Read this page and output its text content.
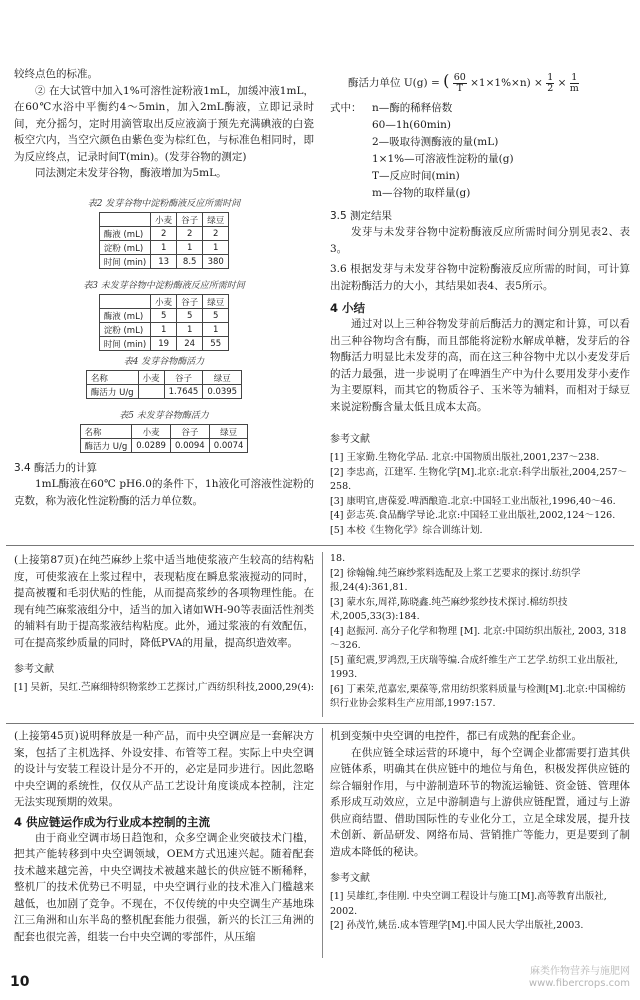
较终点色的标准。

② 在大试管中加入1%可溶性淀粉液1mL，加缓冲液1mL，在60℃水浴中平衡约4～5min，加入2mL酶液，立即记录时间，充分摇匀，定时用滴管取出反应液滴于预先充满碘液的白瓷板空穴内，当空穴颜色由紫色变为棕红色，与标准色相同时，即为反应终点，记录时间T(min)。(发芽谷物的测定)

同法测定未发芽谷物，酶液增加为5mL。

表2 发芽谷物中淀粉酶液反应所需时间
	小麦	谷子	绿豆
酶液 (mL)	2	2	2
淀粉 (mL)	1	1	1
时间 (min)	13	8.5	380
表3 未发芽谷物中淀粉酶液反应所需时间
	小麦	谷子	绿豆
酶液 (mL)	5	5	5
淀粉 (mL)	1	1	1
时间 (min)	19	24	55
表4 发芽谷物酶活力
名称	小麦	谷子	绿豆
酶活力 U/g		1.7645	0.0395
表5 未发芽谷物酶活力
名称	小麦	谷子	绿豆
酶活力 U/g	0.0289	0.0094	0.0074
3.4 酶活力的计算

1mL酶液在60℃ pH6.0的条件下，1h液化可溶液性淀粉的克数，称为液化性淀粉酶的活力单位数。

酶活力单位 U(g) = ( $\frac{60}{T} \times 1\times 1\%\times n) \times \frac{1}{2} \times \frac{1}{m}$
式中： n—酶的稀释倍数
60—1h(60min)
2—吸取待测酶液的量(mL)
1×1%—可溶液性淀粉的量(g)
T—反应时间(min)
m—谷物的取样量(g)
3.5 测定结果

发芽与未发芽谷物中淀粉酶液反应所需时间分别见表2、表3。

3.6 根据发芽与未发芽谷物中淀粉酶液反应所需的时间，可计算出淀粉酶活力的大小，其结果如表4、表5所示。

4 小结

通过对以上三种谷物发芽前后酶活力的测定和计算，可以看出三种谷物均含有酶，而且部能将淀粉水解成单糖，发芽后的谷物酶活力明显比未发芽的高，而在这三种谷物中尤以小麦发芽后的活力最强，进一步说明了在啤酒生产中为什么要用发芽小麦作为主要原料，而其它的物质谷子、玉米等为辅料，而相对于绿豆来说淀粉酶含量太低且成本太高。

参考文献

[1] 王家勤.生物化学品. 北京:中国物质出版社,2001,237～238.

[2] 李忠高，江建军. 生物化学[M].北京:北京:科学出版社,2004,257～258.

[3] 康明官,唐葆爱.啤酒酿造.北京:中国轻工业出版社,1996,40～46.

[4] 彭志英.食品酶学导论.北京:中国轻工业出版社,2002,124～126.

[5] 本校《生物化学》综合训练计划.

(上接第87页)在纯苎麻纱上浆中适当地使浆液产生较高的结构粘度，可使浆液在上浆过程中，表现粘度在瞬息浆液搅动的同时，提高被覆和毛羽伏贴的性能，从而提高浆纱的各项物理性能。在现有纯苎麻浆液组分中，适当的加入诸如WH-90等表面活性剂类的辅料有助于提高浆液结构粘度。此外，通过浆液的有效配伍，可在提高浆纱质量的同时，降低PVA的用量，提高织造效率。

参考文献

[1] 吴新，吴红.苎麻细特织物浆纱工艺探讨,广西纺织科技,2000,29(4):

18.

[2] 徐翰翰.纯苎麻纱浆料选配及上浆工艺要求的探讨.纺织学报,24(4):361,81.

[3] 蒙水东,周祥,陈晓鑫.纯苎麻纱浆纱技术探讨.棉纺织技术,2005,33(3):184.

[4] 赵振河. 高分子化学和物理 [M]. 北京:中国纺织出版社, 2003, 318～326.

[5] 董纪震,罗鸿烈,王庆瑞等编.合成纤维生产工艺学.纺织工业出版社, 1993.

[6] 丁素荣,范嘉宏,栗葆等,常用纺织浆料质量与检测[M].北京:中国棉纺织行业协会浆料生产应用部,1997:157.

(上接第45页)说明释放是一种产品，而中央空调应是一套解决方案，包括了主机选择、外设安排、布管等工程。实际上中央空调的设计与安装工程设计是分不开的，必定是同步进行。因此忽略中央空调的系统性，仅仅从产品工艺设计角度谈成本控制，注定无法实现预期的效果。

4 供应链运作成为行业成本控制的主流

由于商业空调市场日趋饱和，众多空调企业突破技术门槛，把其产能转移到中央空调领域，OEM方式迅速兴起。随着配套技术越来越完善，中央空调技术被越来越长的供应链不断稀释，整机厂的技术优势已不明显，中央空调行业的技术准入门槛越来越低，也加剧了竞争。不现在，不仅传统的中央空调生产基地珠江三角洲和山东半岛的整机配套能力很强，新兴的长江三角洲的配套也很完善，组装一台中央空调的零部件，从压缩

机到变频中央空调的电控件，都已有成熟的配套企业。

在供应链全球运营的环境中，每个空调企业都需要打造其供应链体系，明确其在供应链中的地位与角色，积极发挥供应链的综合辐射作用，与中游制造环节的物流运输链、资金链、管理体系形成互动效应，立足中游制造与上游供应链配置，通过与上游供应商结盟、借助国际性的专业化分工，立足全球发展，提升技术创新、新品研发、网络布局、营销推广等能力，更是要到了制造成本降低的秘诀。

参考文献

[1] 吴雄红,李佳刚. 中央空调工程设计与施工[M].高等教育出版社, 2002.

[2] 孙茂竹,姚岳.成本管理学[M].中国人民大学出版社,2003.

10
麻类作物营养与施肥网
www.fibercrops.com
